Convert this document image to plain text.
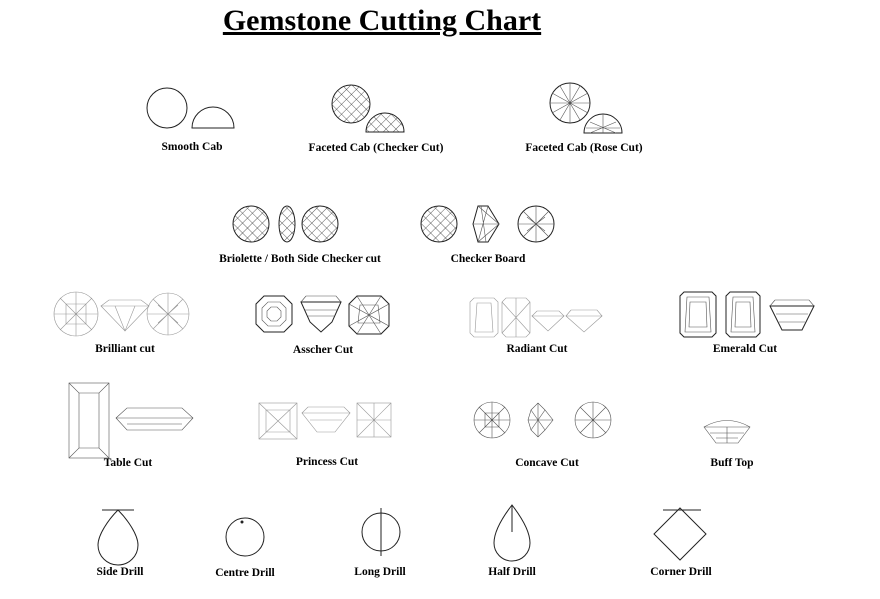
Gemstone Cutting Chart
Smooth Cab	Faceted Cab (Checker Cut)	Faceted Cab (Rose Cut)
Briolette / Both Side Checker cut	Checker Board
Brilliant cut	Asscher Cut	Radiant Cut	Emerald Cut
Table Cut	Princess Cut	Concave Cut	Buff Top
Side Drill	Centre Drill	Long Drill	Half Drill	Corner Drill
